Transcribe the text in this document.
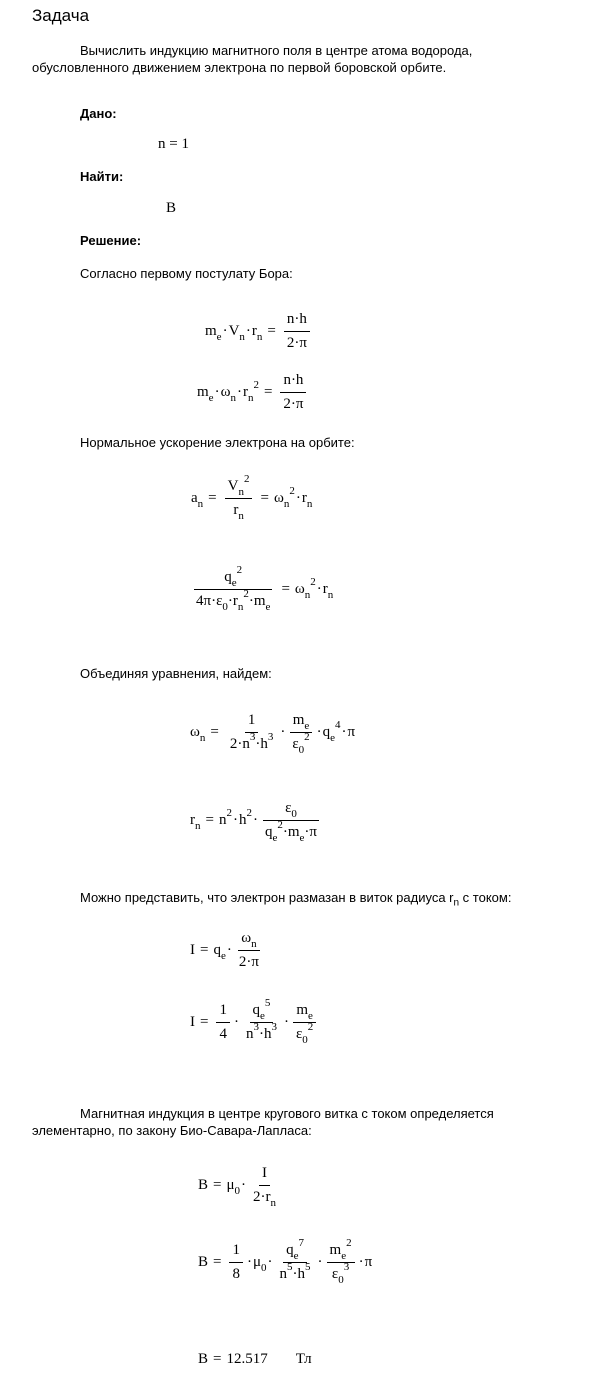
Задача
Вычислить индукцию магнитного поля в центре атома водорода,
обусловленного движением электрона по первой боровской орбите.
Дано:
n = 1
Найти:
B
Решение:
Согласно первому постулату Бора:
$m_e \cdot V_n \cdot r_n = \frac{n\cdot h}{2\cdot\pi}$
$m_e \cdot \omega_n \cdot r_n^2 = \frac{n\cdot h}{2\cdot\pi}$
Нормальное ускорение электрона на орбите:
$a_n = \frac{V_n^2}{r_n} = \omega_n^2 \cdot r_n$
$\frac{q_e^2}{4\pi\cdot\varepsilon_0\cdot r_n^2\cdot m_e} = \omega_n^2 \cdot r_n$
Объединяя уравнения, найдем:
$\omega_n = \frac{1}{2\cdot n^3\cdot h^3} \cdot \frac{m_e}{\varepsilon_0^2} \cdot q_e^4 \cdot \pi$
$r_n = n^2 \cdot h^2 \cdot \frac{\varepsilon_0}{q_e^2\cdot m_e\cdot\pi}$
Можно представить, что электрон размазан в виток радиуса $r_n$ с током:
$I = q_e \cdot \frac{\omega_n}{2\cdot\pi}$
$I = \frac{1}{4} \cdot \frac{q_e^5}{n^3\cdot h^3} \cdot \frac{m_e}{\varepsilon_0^2}$
Магнитная индукция в центре кругового витка с током определяется
элементарно, по закону Био-Савара-Лапласа:
$B = \mu_0 \cdot \frac{I}{2\cdot r_n}$
$B = \frac{1}{8} \cdot \mu_0 \cdot \frac{q_e^7}{n^5\cdot h^5} \cdot \frac{m_e^2}{\varepsilon_0^3} \cdot \pi$
B = 12.517 Тл
